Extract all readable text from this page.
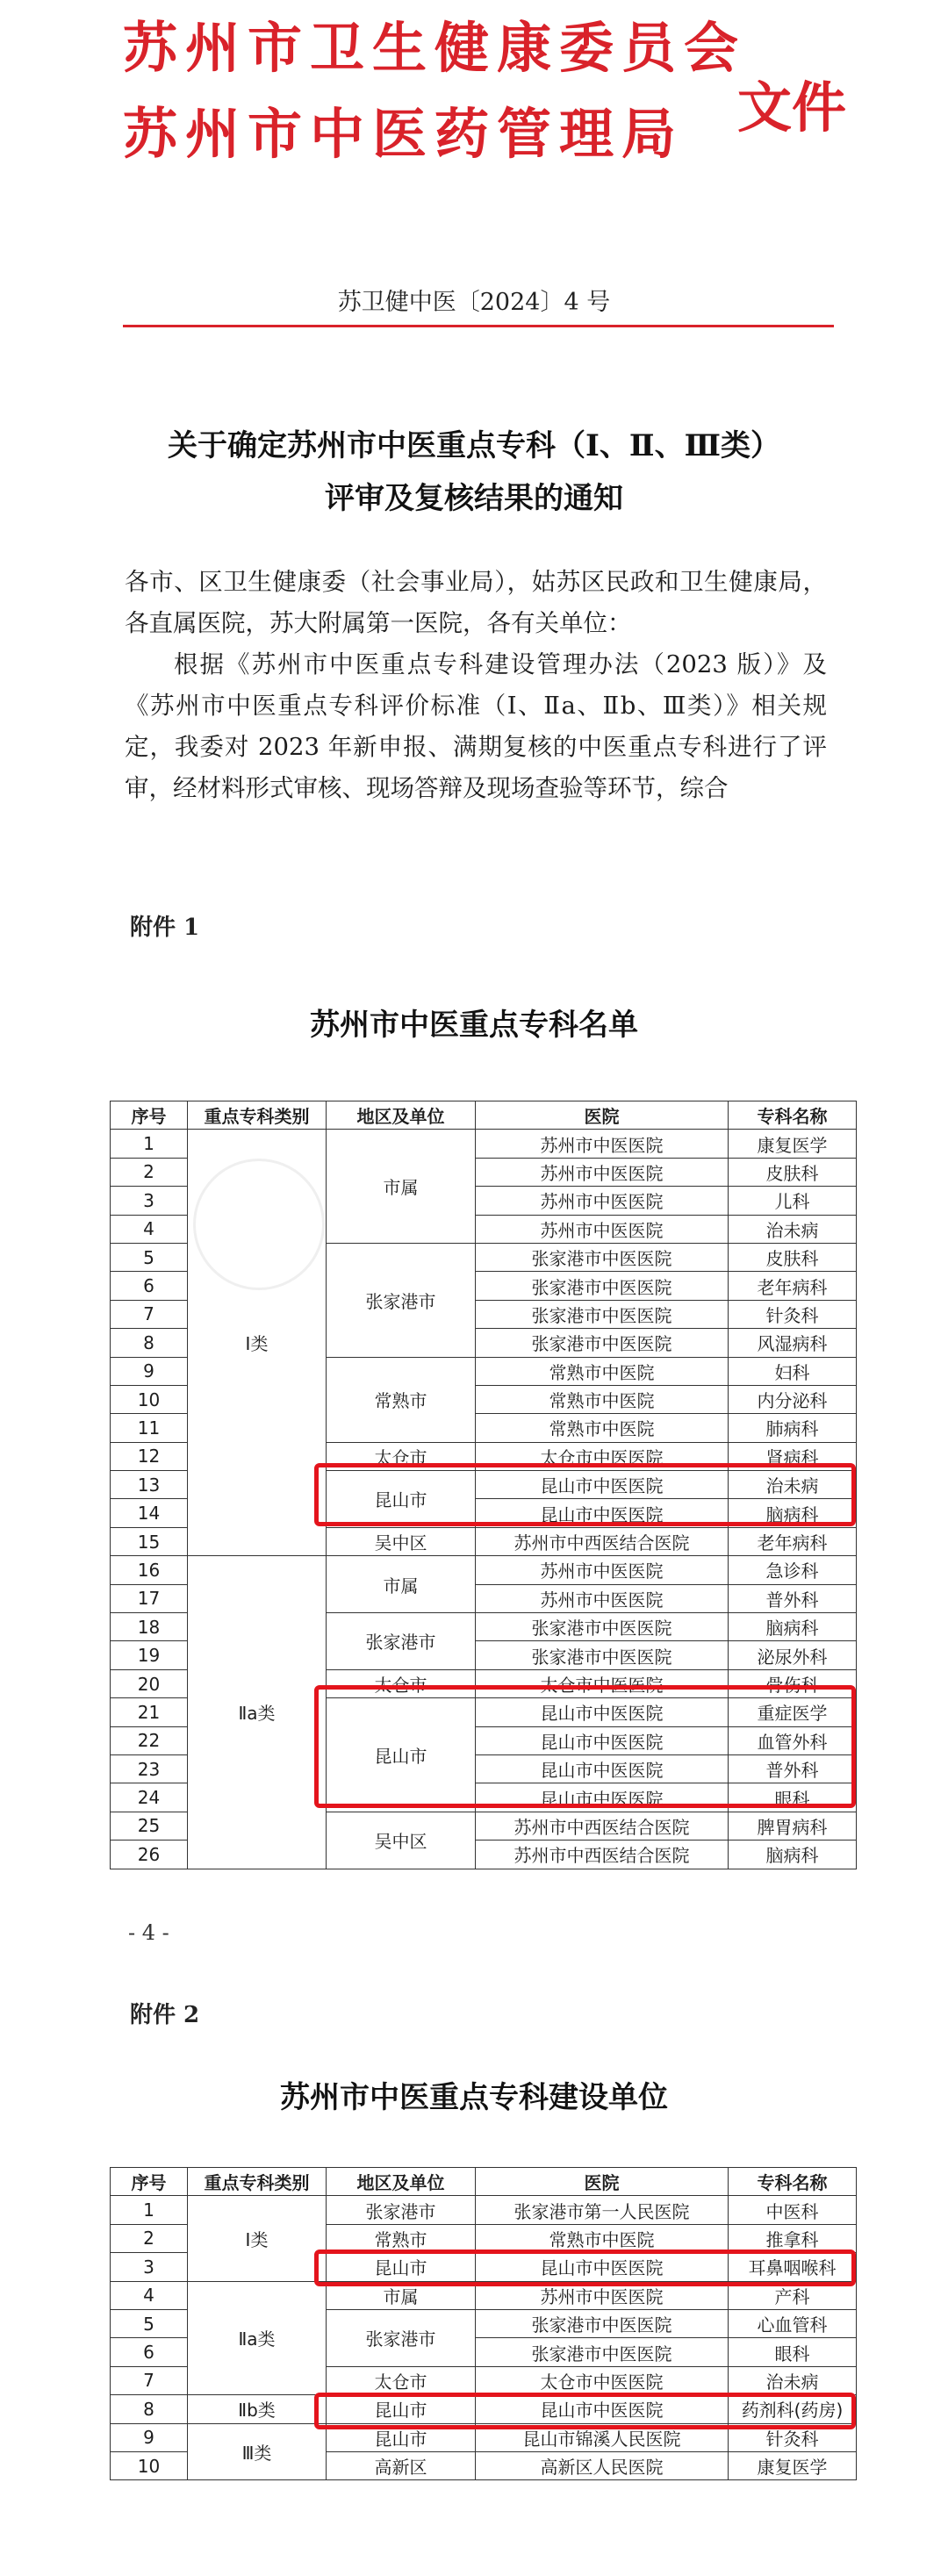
苏州市卫生健康委员会
苏州市中医药管理局 文件
苏卫健中医〔2024〕4 号
关于确定苏州市中医重点专科（Ⅰ、Ⅱ、Ⅲ类）
评审及复核结果的通知
各市、区卫生健康委（社会事业局），姑苏区民政和卫生健康局，各直属医院，苏大附属第一医院，各有关单位：
根据《苏州市中医重点专科建设管理办法（2023 版）》及《苏州市中医重点专科评价标准（Ⅰ、Ⅱa、Ⅱb、Ⅲ类）》相关规定，我委对 2023 年新申报、满期复核的中医重点专科进行了评审，经材料形式审核、现场答辩及现场查验等环节，综合
附件 1
苏州市中医重点专科名单
序号	重点专科类别	地区及单位	医院	专科名称
1	Ⅰ类	市属	苏州市中医医院	康复医学
2			苏州市中医医院	皮肤科
3			苏州市中医医院	儿科
4			苏州市中医医院	治未病
5		张家港市	张家港市中医医院	皮肤科
6			张家港市中医医院	老年病科
7			张家港市中医医院	针灸科
8			张家港市中医医院	风湿病科
9		常熟市	常熟市中医院	妇科
10			常熟市中医院	内分泌科
11			常熟市中医院	肺病科
12		太仓市	太仓市中医医院	肾病科
13		昆山市	昆山市中医医院	治未病
14			昆山市中医医院	脑病科
15		吴中区	苏州市中西医结合医院	老年病科
16	Ⅱa类	市属	苏州市中医医院	急诊科
17			苏州市中医医院	普外科
18		张家港市	张家港市中医医院	脑病科
19			张家港市中医医院	泌尿外科
20		太仓市	太仓市中医医院	骨伤科
21		昆山市	昆山市中医医院	重症医学
22			昆山市中医医院	血管外科
23			昆山市中医医院	普外科
24			昆山市中医医院	眼科
25		吴中区	苏州市中西医结合医院	脾胃病科
26			苏州市中西医结合医院	脑病科
- 4 -
附件 2
苏州市中医重点专科建设单位
序号	重点专科类别	地区及单位	医院	专科名称
1	Ⅰ类	张家港市	张家港市第一人民医院	中医科
2		常熟市	常熟市中医院	推拿科
3		昆山市	昆山市中医医院	耳鼻咽喉科
4	Ⅱa类	市属	苏州市中医医院	产科
5		张家港市	张家港市中医医院	心血管科
6			张家港市中医医院	眼科
7		太仓市	太仓市中医医院	治未病
8	Ⅱb类	昆山市	昆山市中医医院	药剂科(药房)
9	Ⅲ类	昆山市	昆山市锦溪人民医院	针灸科
10		高新区	高新区人民医院	康复医学
